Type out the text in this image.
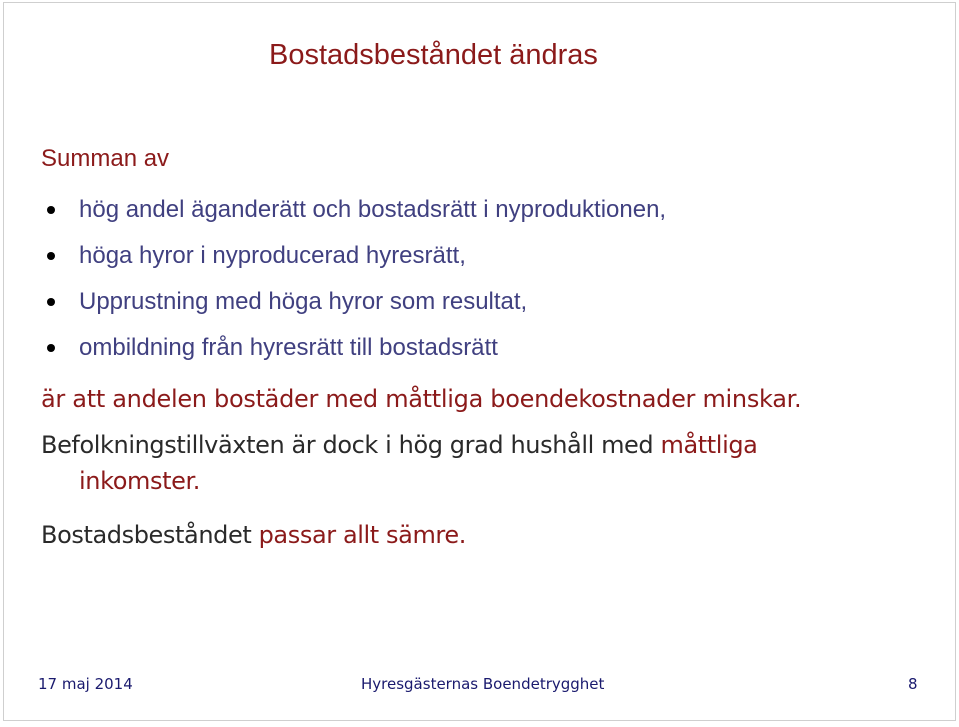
Bostadsbeståndet ändras
Summan av
hög andel äganderätt och bostadsrätt i nyproduktionen,
höga hyror i nyproducerad hyresrätt,
Upprustning med höga hyror som resultat,
ombildning från hyresrätt till bostadsrätt
är att andelen bostäder med måttliga boendekostnader minskar.
Befolkningstillväxten är dock i hög grad hushåll med måttliga
inkomster.
Bostadsbeståndet passar allt sämre.
17 maj 2014	Hyresgästernas Boendetrygghet	8
